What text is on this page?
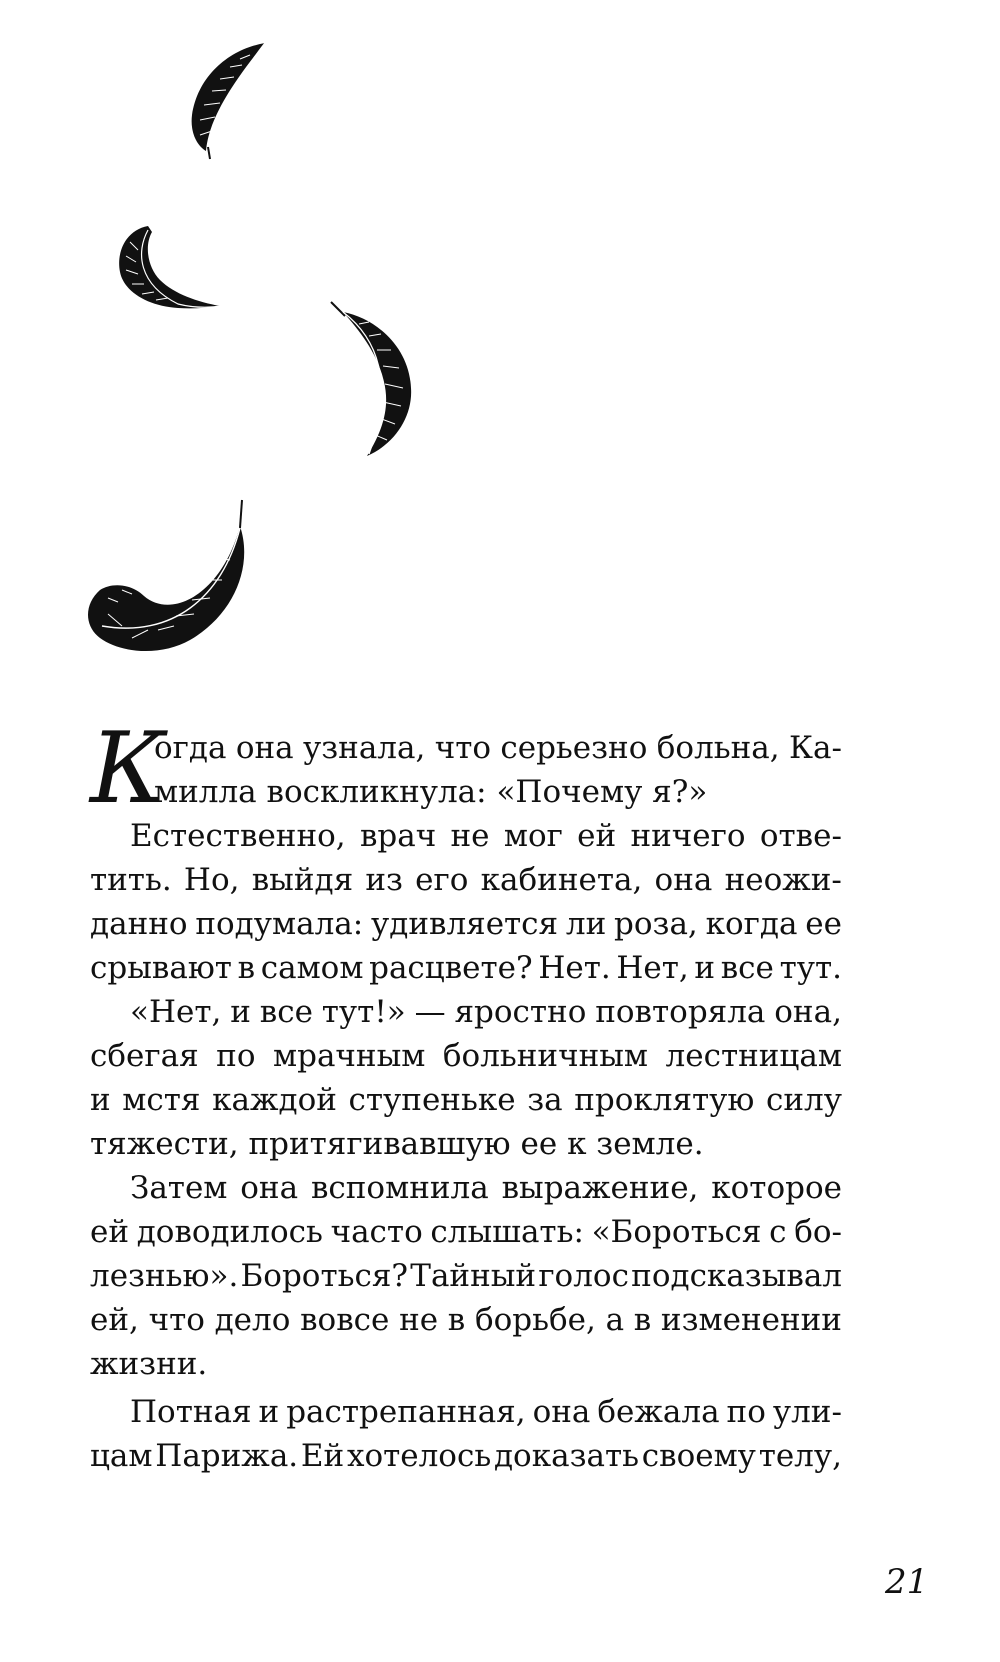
К
огда она узнала, что серьезно больна, Ка-
милла воскликнула: «Почему я?»
Естественно, врач не мог ей ничего отве-
тить. Но, выйдя из его кабинета, она неожи-
данно подумала: удивляется ли роза, когда ее
срывают в самом расцвете? Нет. Нет, и все тут.
«Нет, и все тут!» — яростно повторяла она,
сбегая по мрачным больничным лестницам
и мстя каждой ступеньке за проклятую силу
тяжести, притягивавшую ее к земле.
Затем она вспомнила выражение, которое
ей доводилось часто слышать: «Бороться с бо-
лезнью». Бороться? Тайный голос подсказывал
ей, что дело вовсе не в борьбе, а в изменении
жизни.
Потная и растрепанная, она бежала по ули-
цам Парижа. Ей хотелось доказать своему телу,
21
